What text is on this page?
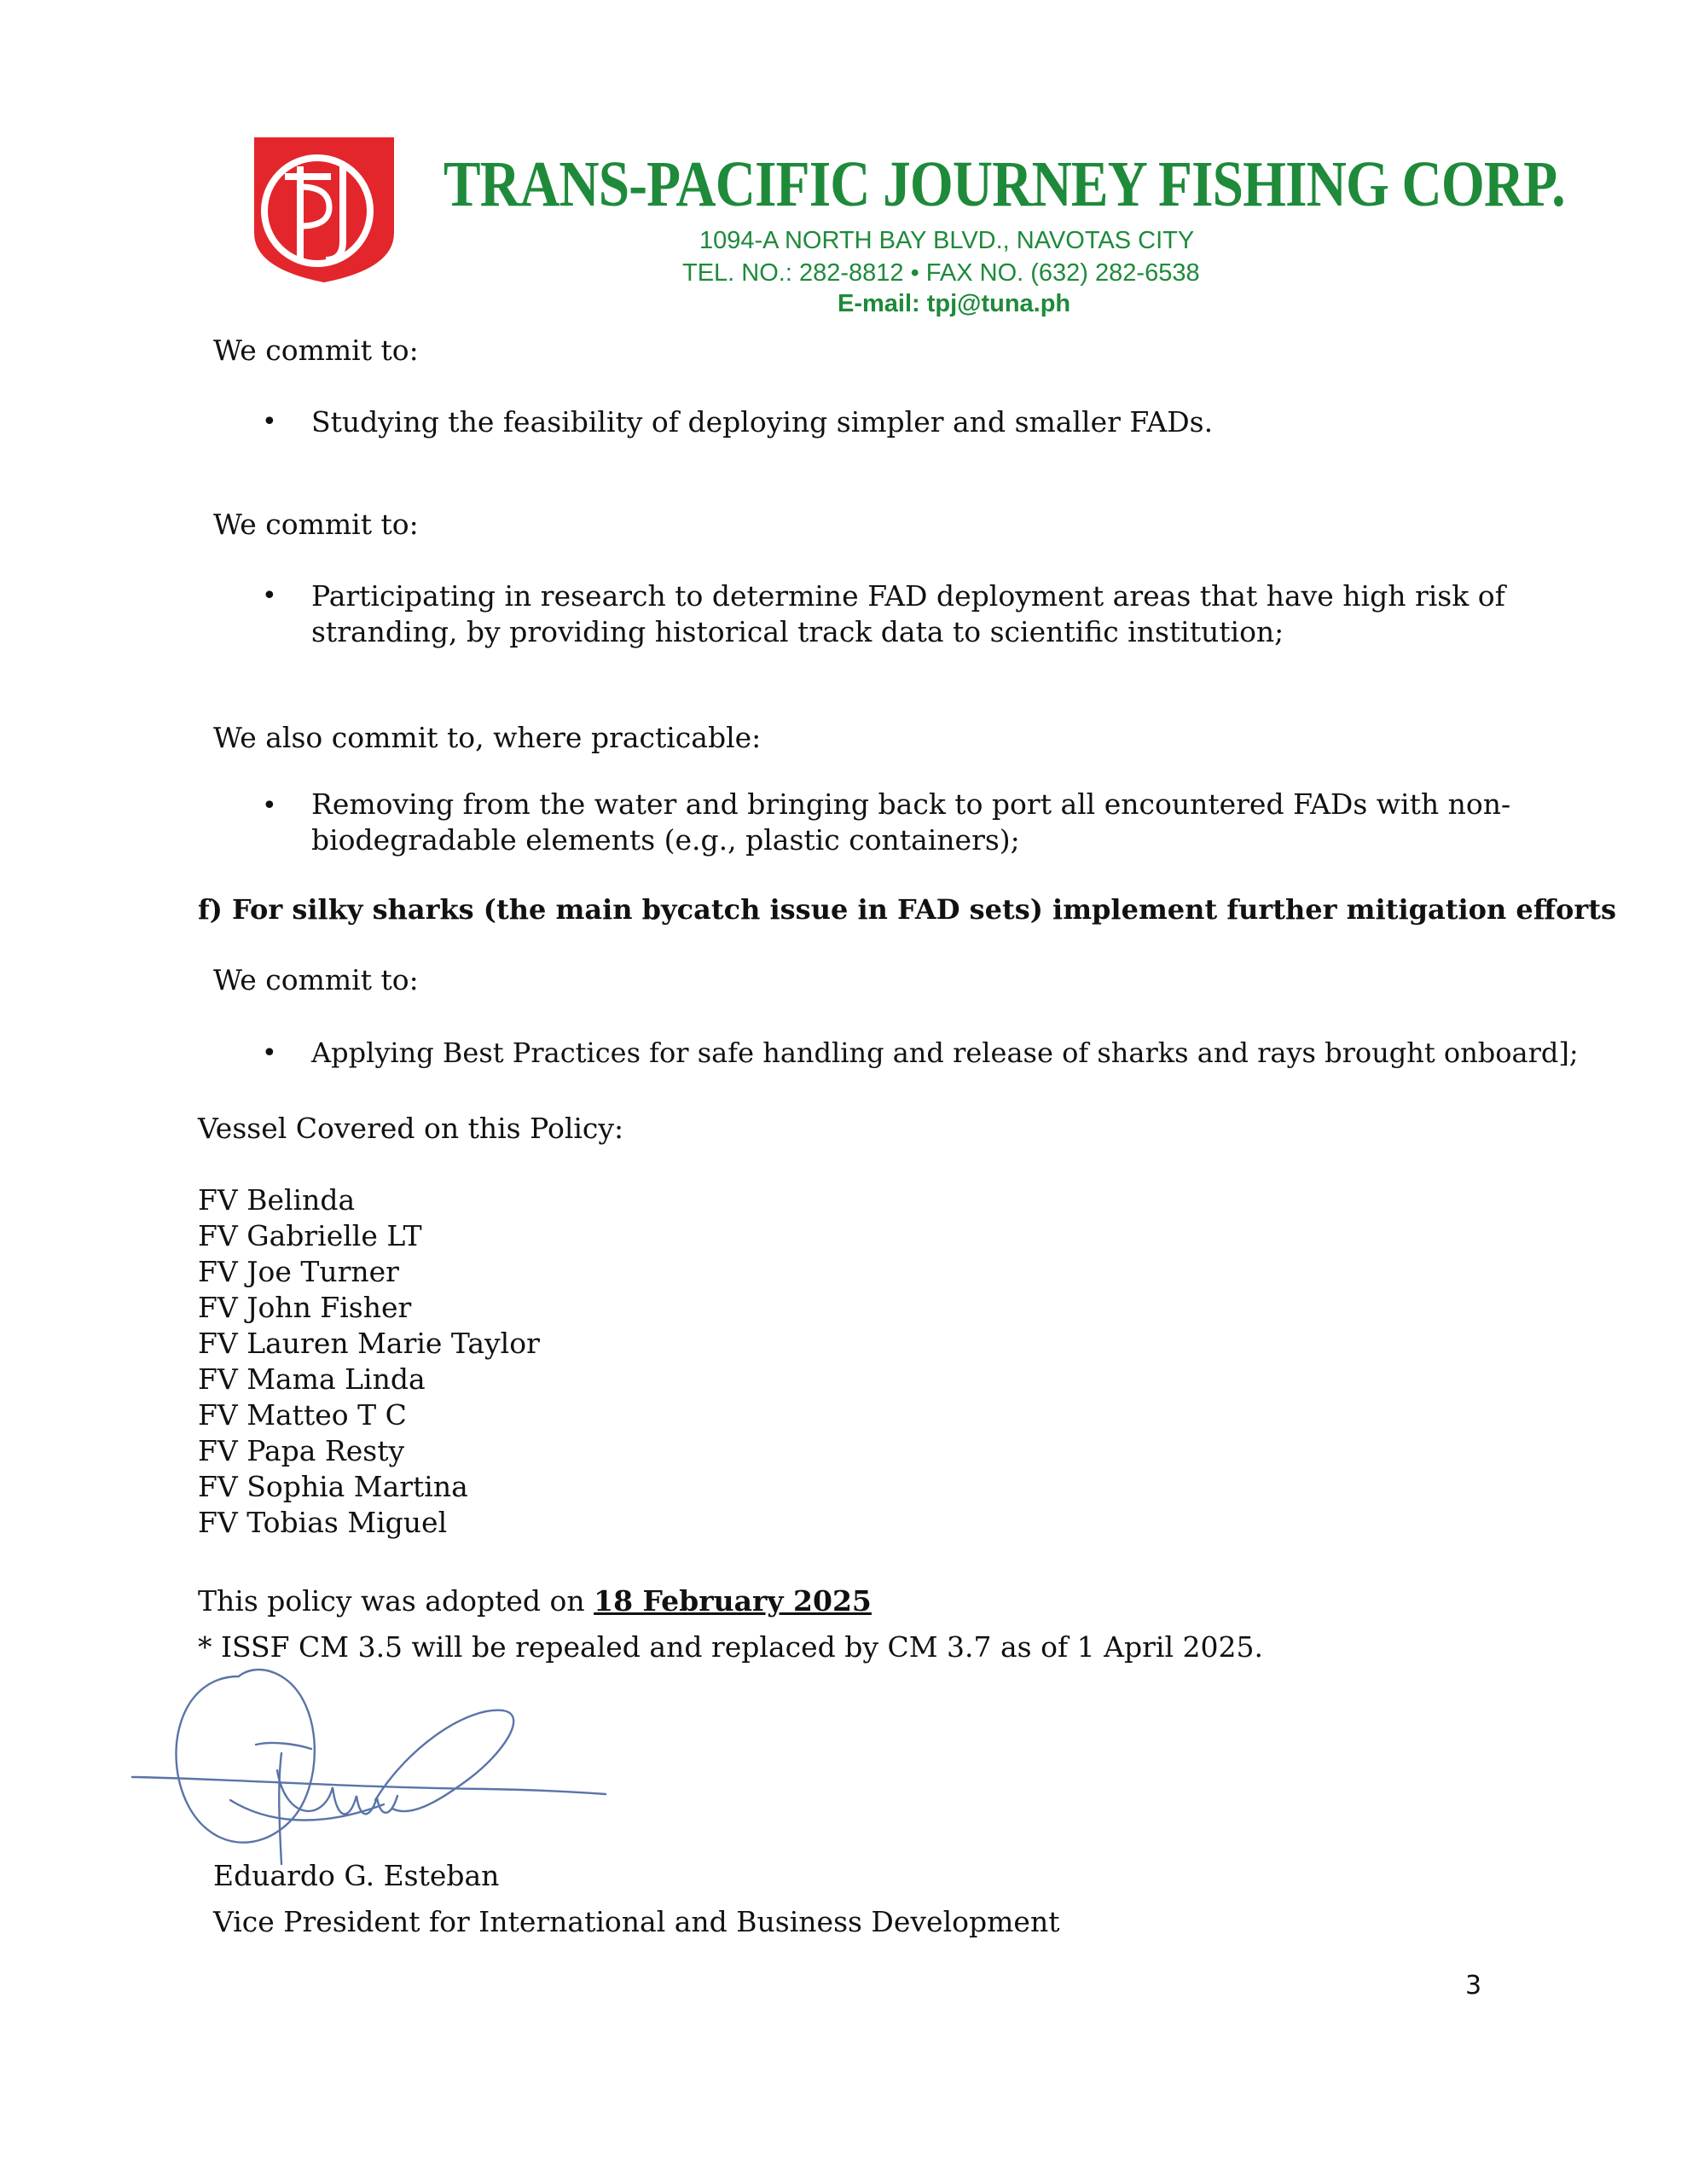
TRANS-PACIFIC JOURNEY FISHING CORP.
1094-A NORTH BAY BLVD., NAVOTAS CITY
TEL. NO.: 282-8812 • FAX NO. (632) 282-6538
E-mail: tpj@tuna.ph
We commit to:
• Studying the feasibility of deploying simpler and smaller FADs.
We commit to:
• Participating in research to determine FAD deployment areas that have high risk of
stranding, by providing historical track data to scientific institution;
We also commit to, where practicable:
• Removing from the water and bringing back to port all encountered FADs with non-
biodegradable elements (e.g., plastic containers);
f) For silky sharks (the main bycatch issue in FAD sets) implement further mitigation efforts
We commit to:
• Applying Best Practices for safe handling and release of sharks and rays brought onboard];
Vessel Covered on this Policy:
FV Belinda
FV Gabrielle LT
FV Joe Turner
FV John Fisher
FV Lauren Marie Taylor
FV Mama Linda
FV Matteo T C
FV Papa Resty
FV Sophia Martina
FV Tobias Miguel
This policy was adopted on 18 February 2025
* ISSF CM 3.5 will be repealed and replaced by CM 3.7 as of 1 April 2025.
Eduardo G. Esteban
Vice President for International and Business Development
3
